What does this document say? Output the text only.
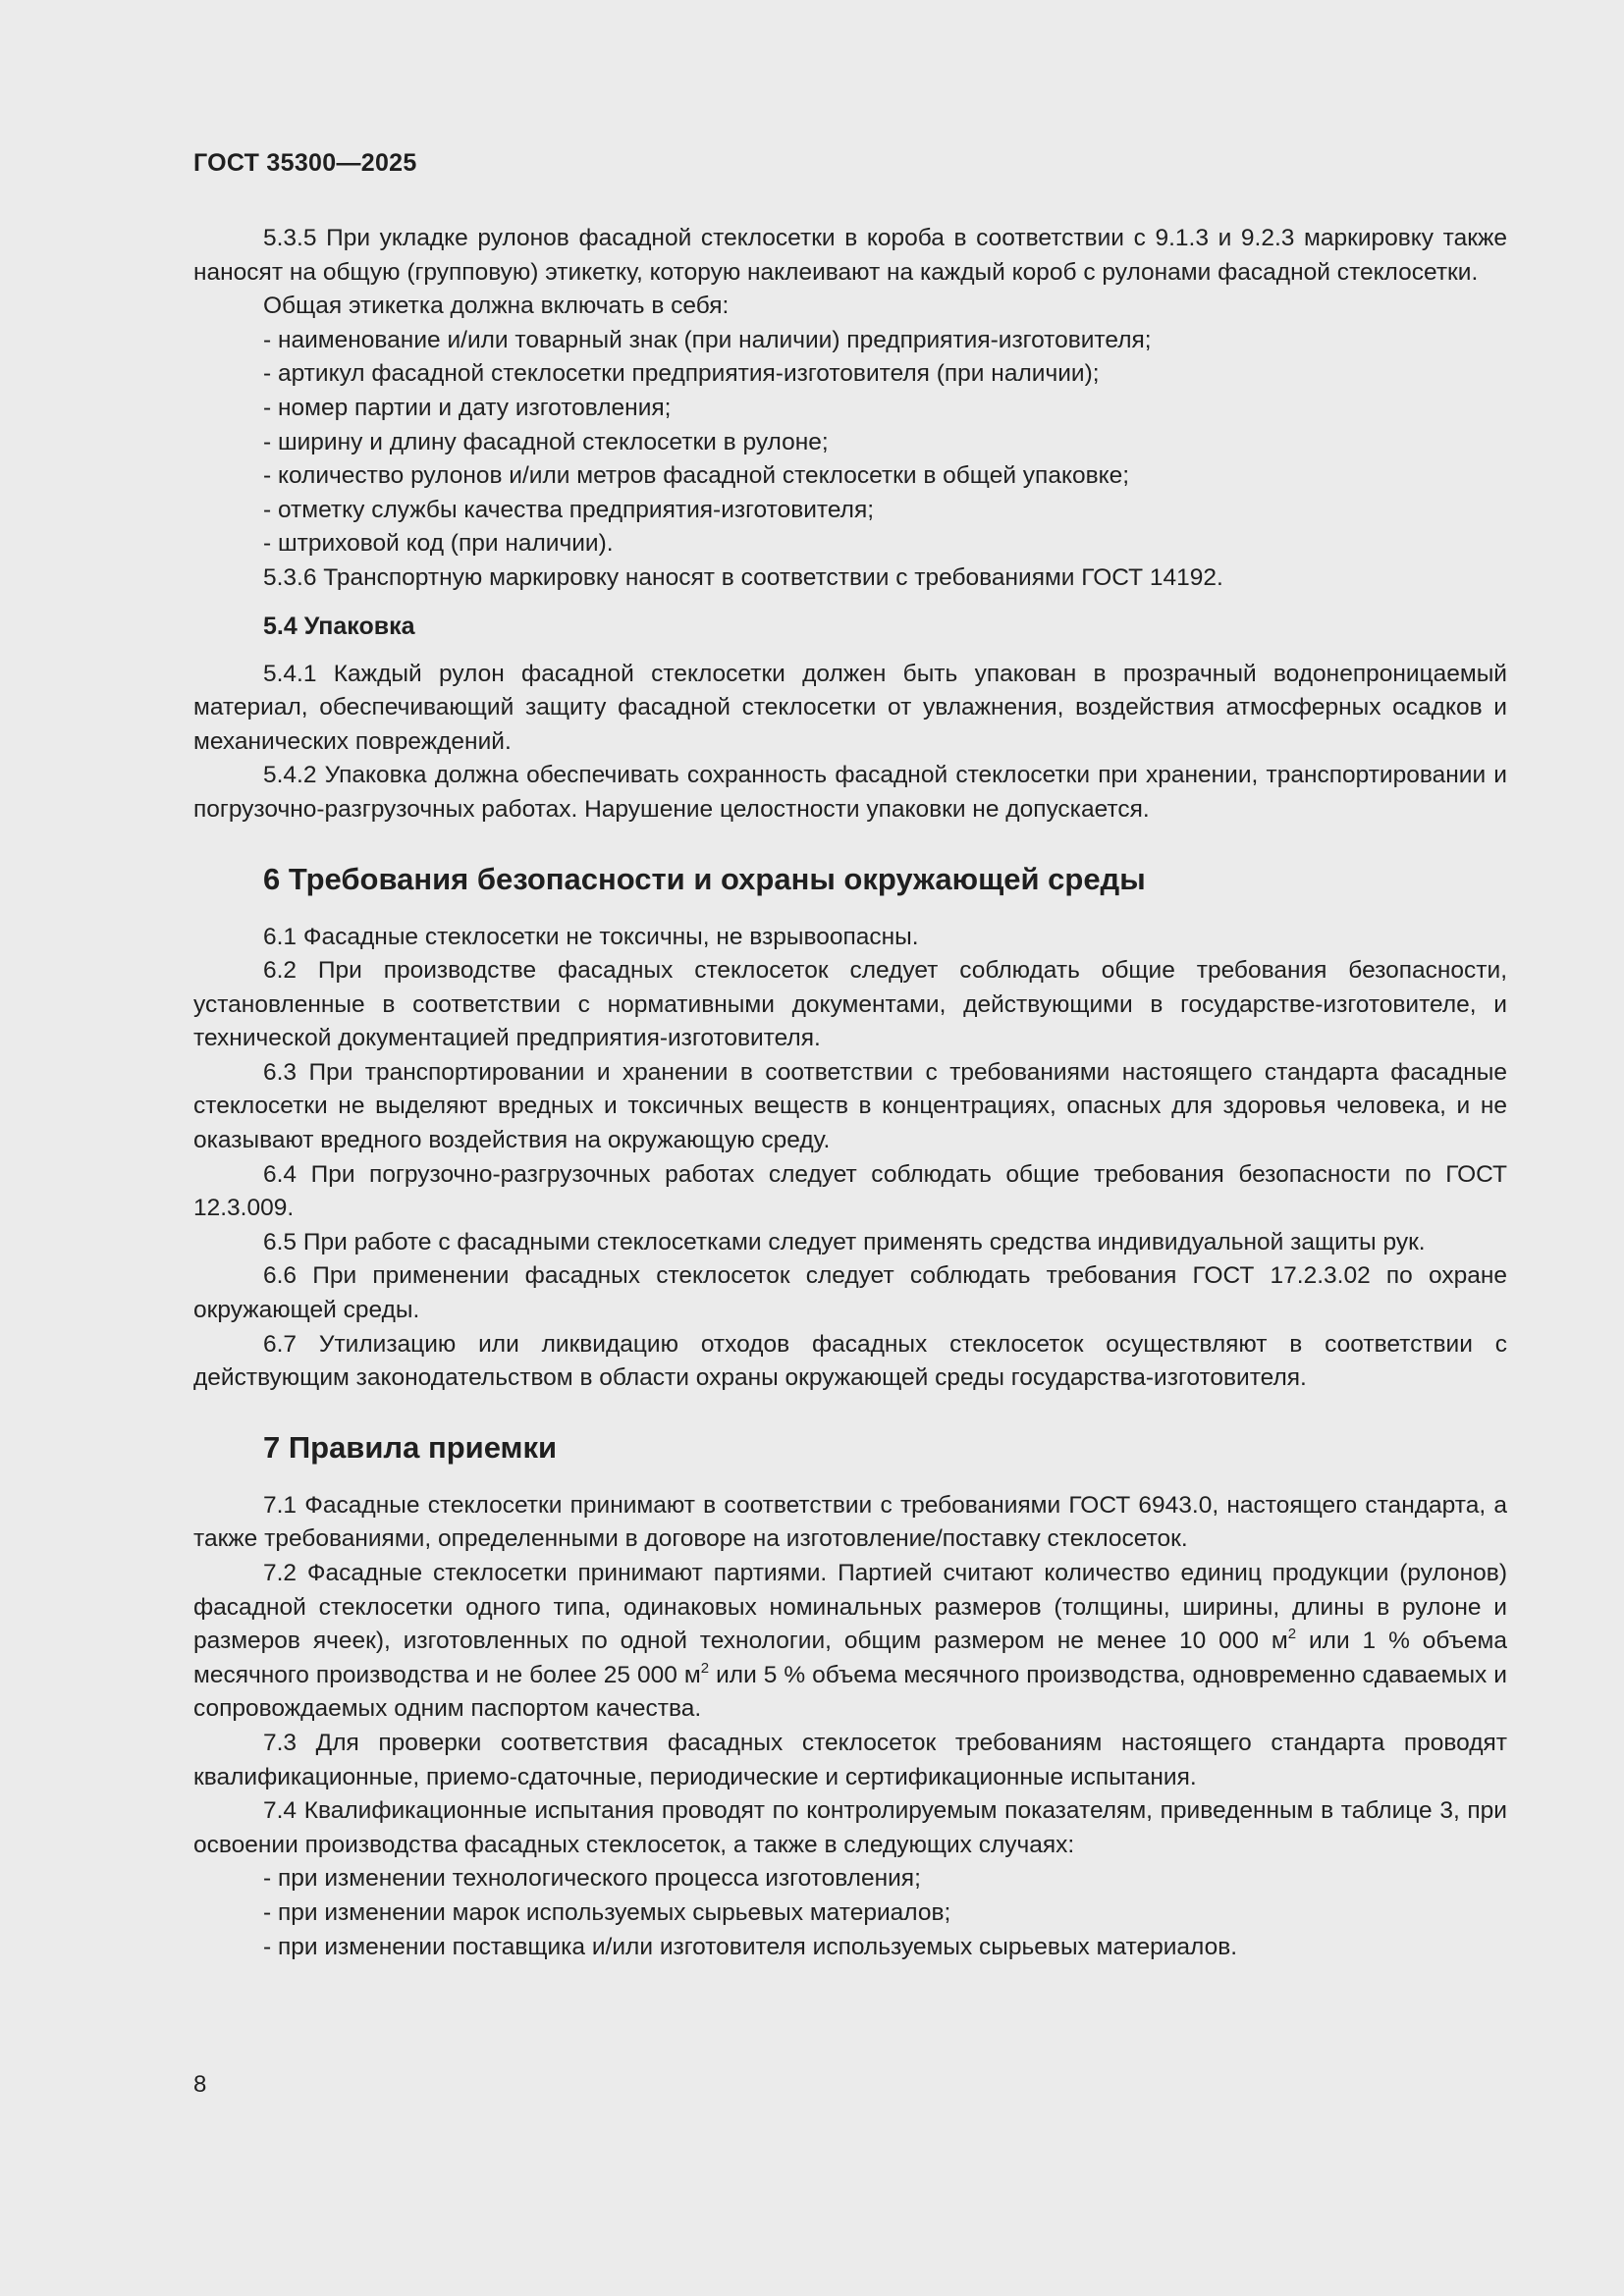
ГОСТ 35300—2025

5.3.5 При укладке рулонов фасадной стеклосетки в короба в соответствии с 9.1.3 и 9.2.3 маркировку также наносят на общую (групповую) этикетку, которую наклеивают на каждый короб с рулонами фасадной стеклосетки.

Общая этикетка должна включать в себя:

- наименование и/или товарный знак (при наличии) предприятия-изготовителя;

- артикул фасадной стеклосетки предприятия-изготовителя (при наличии);

- номер партии и дату изготовления;

- ширину и длину фасадной стеклосетки в рулоне;

- количество рулонов и/или метров фасадной стеклосетки в общей упаковке;

- отметку службы качества предприятия-изготовителя;

- штриховой код (при наличии).

5.3.6 Транспортную маркировку наносят в соответствии с требованиями ГОСТ 14192.

5.4 Упаковка

5.4.1 Каждый рулон фасадной стеклосетки должен быть упакован в прозрачный водонепроницаемый материал, обеспечивающий защиту фасадной стеклосетки от увлажнения, воздействия атмосферных осадков и механических повреждений.

5.4.2 Упаковка должна обеспечивать сохранность фасадной стеклосетки при хранении, транспортировании и погрузочно-разгрузочных работах. Нарушение целостности упаковки не допускается.

6 Требования безопасности и охраны окружающей среды

6.1 Фасадные стеклосетки не токсичны, не взрывоопасны.

6.2 При производстве фасадных стеклосеток следует соблюдать общие требования безопасности, установленные в соответствии с нормативными документами, действующими в государстве-изготовителе, и технической документацией предприятия-изготовителя.

6.3 При транспортировании и хранении в соответствии с требованиями настоящего стандарта фасадные стеклосетки не выделяют вредных и токсичных веществ в концентрациях, опасных для здоровья человека, и не оказывают вредного воздействия на окружающую среду.

6.4 При погрузочно-разгрузочных работах следует соблюдать общие требования безопасности по ГОСТ 12.3.009.

6.5 При работе с фасадными стеклосетками следует применять средства индивидуальной защиты рук.

6.6 При применении фасадных стеклосеток следует соблюдать требования ГОСТ 17.2.3.02 по охране окружающей среды.

6.7 Утилизацию или ликвидацию отходов фасадных стеклосеток осуществляют в соответствии с действующим законодательством в области охраны окружающей среды государства-изготовителя.

7 Правила приемки

7.1 Фасадные стеклосетки принимают в соответствии с требованиями ГОСТ 6943.0, настоящего стандарта, а также требованиями, определенными в договоре на изготовление/поставку стеклосеток.

7.2 Фасадные стеклосетки принимают партиями. Партией считают количество единиц продукции (рулонов) фасадной стеклосетки одного типа, одинаковых номинальных размеров (толщины, ширины, длины в рулоне и размеров ячеек), изготовленных по одной технологии, общим размером не менее 10 000 $м^2$ или 1 % объема месячного производства и не более 25 000 $м^2$ или 5 % объема месячного производства, одновременно сдаваемых и сопровождаемых одним паспортом качества.

7.3 Для проверки соответствия фасадных стеклосеток требованиям настоящего стандарта проводят квалификационные, приемо-сдаточные, периодические и сертификационные испытания.

7.4 Квалификационные испытания проводят по контролируемым показателям, приведенным в таблице 3, при освоении производства фасадных стеклосеток, а также в следующих случаях:

- при изменении технологического процесса изготовления;

- при изменении марок используемых сырьевых материалов;

- при изменении поставщика и/или изготовителя используемых сырьевых материалов.

8
